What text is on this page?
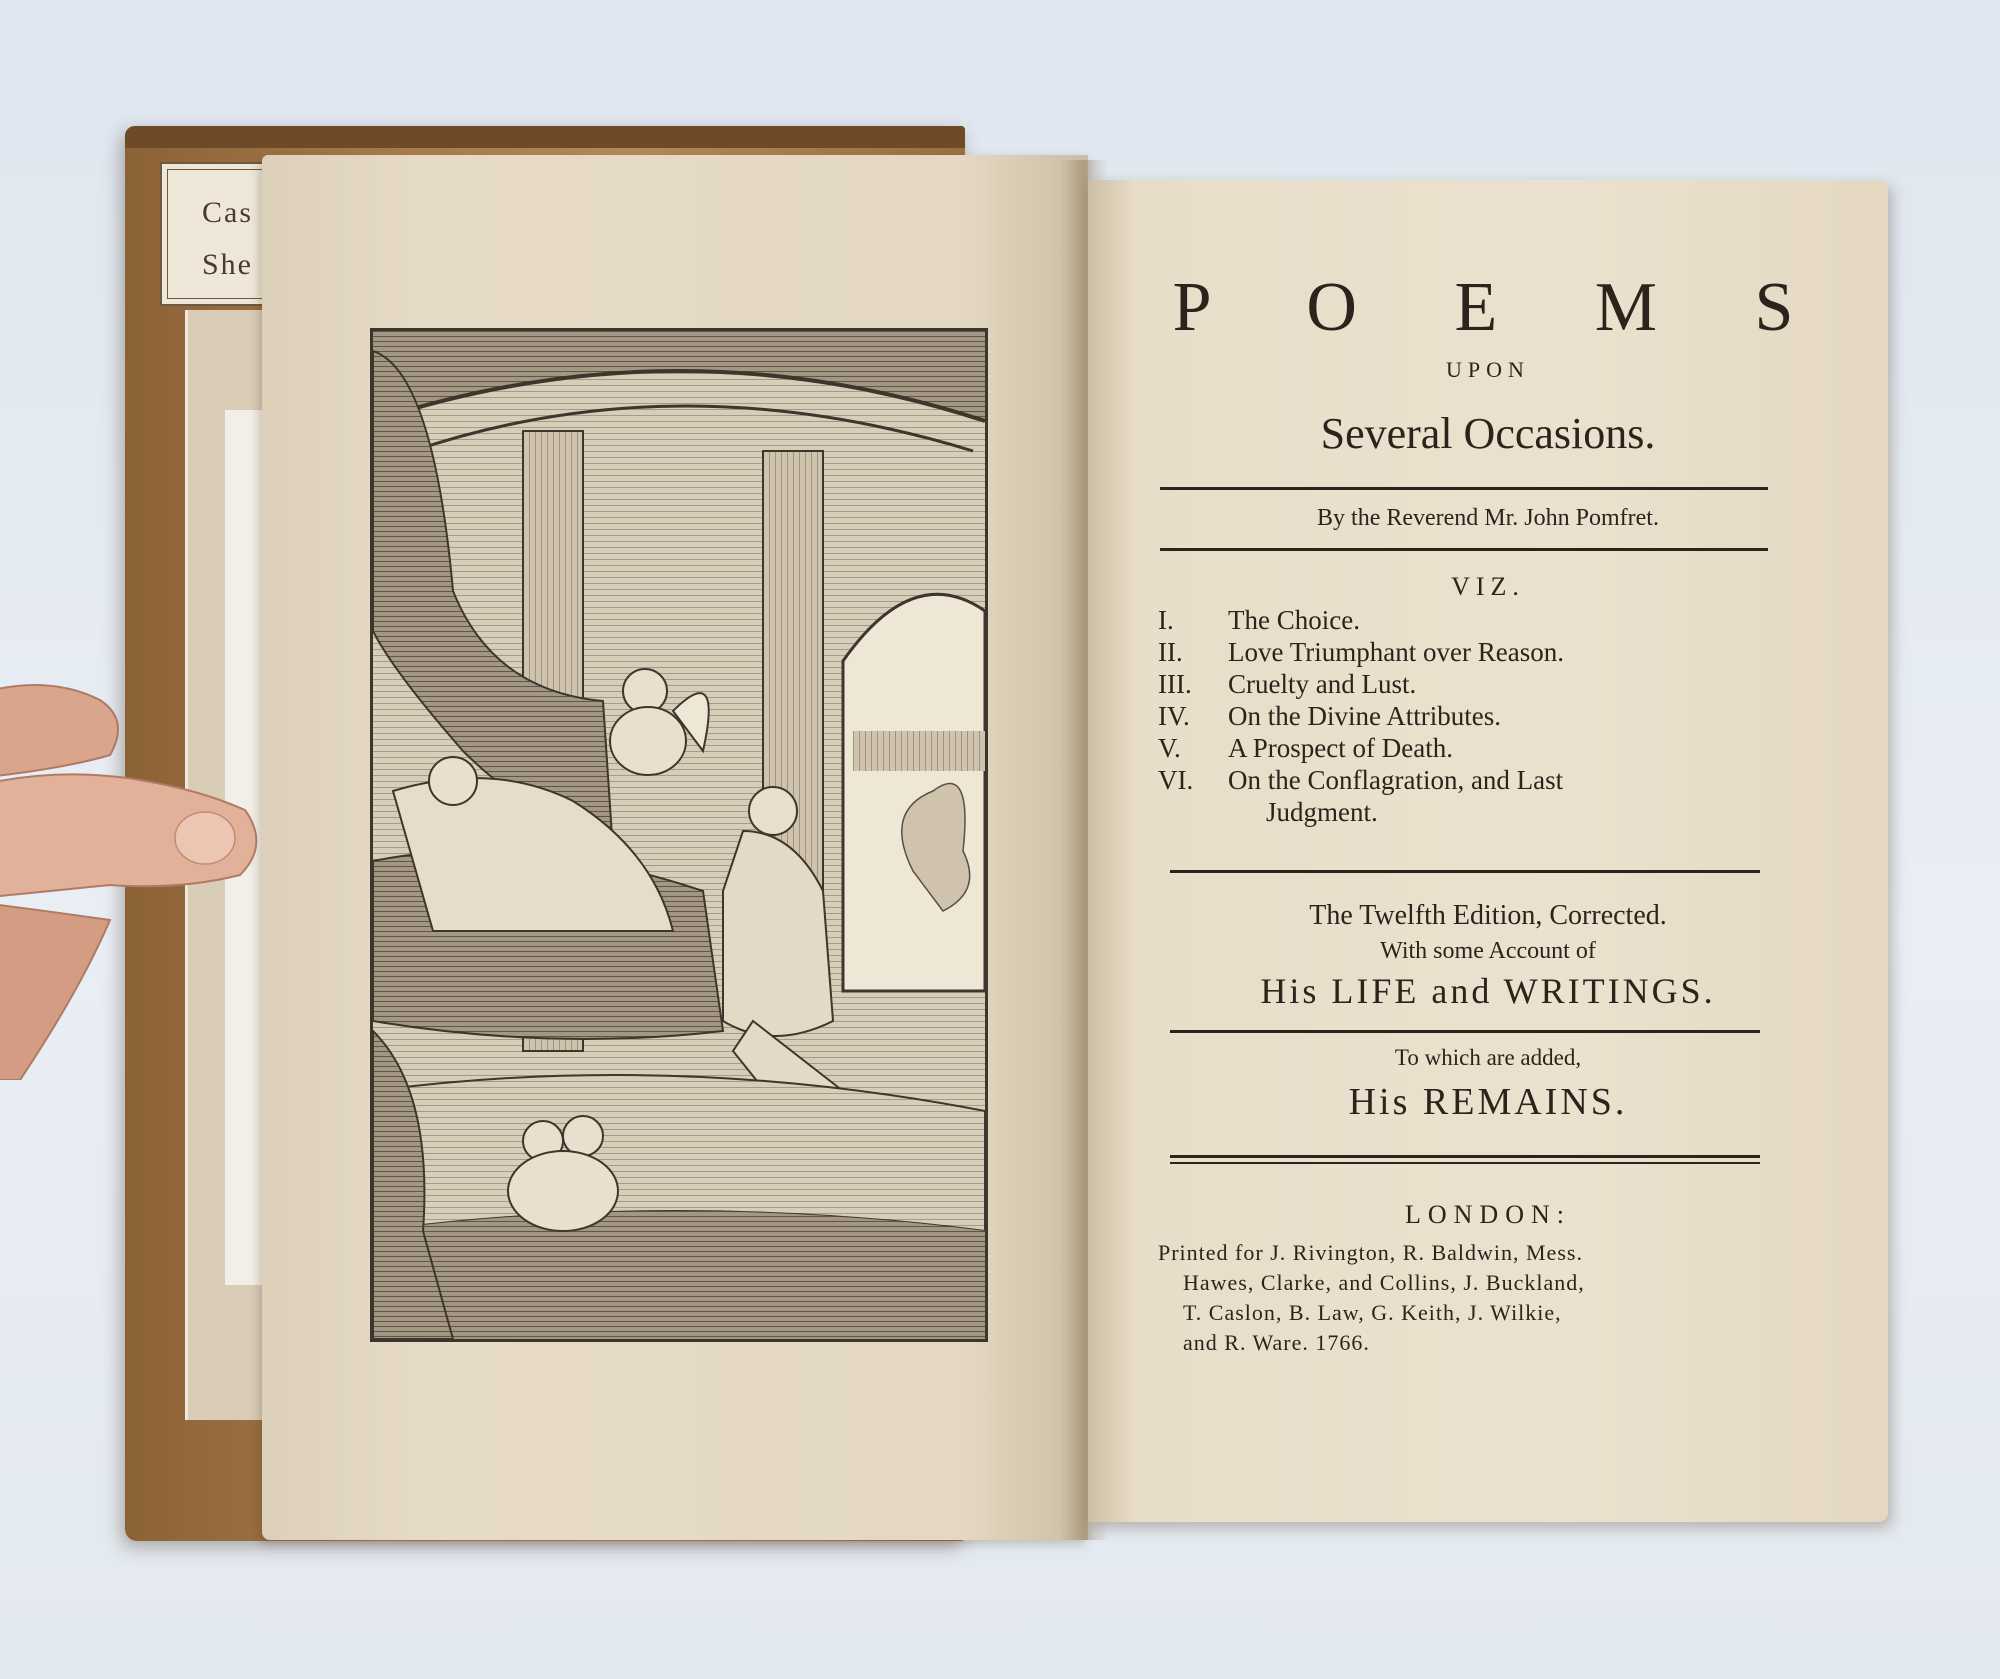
Cas
She
P O E M S
UPON
Several Occasions.
By the Reverend Mr. John Pomfret.
VIZ.
I.	The Choice.
II.	Love Triumphant over Reason.
III.	Cruelty and Lust.
IV.	On the Divine Attributes.
V.	A Prospect of Death.
VI.	On the Conflagration, and Last
Judgment.
The Twelfth Edition, Corrected.
With some Account of
His LIFE and WRITINGS.
To which are added,
His REMAINS.
LONDON:
Printed for J. Rivington, R. Baldwin, Mess.
Hawes, Clarke, and Collins, J. Buckland,
T. Caslon, B. Law, G. Keith, J. Wilkie,
and R. Ware. 1766.
